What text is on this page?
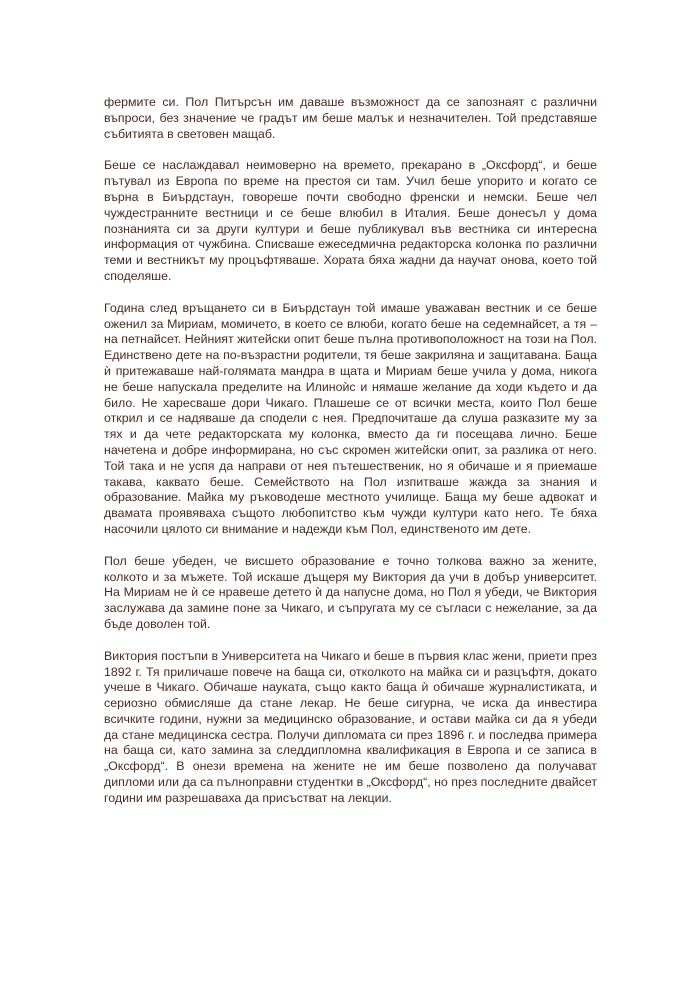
фермите си. Пол Питърсън им даваше възможност да се запознаят с различни въпроси, без значение че градът им беше малък и незначителен. Той представяше събитията в световен мащаб.

Беше се наслаждавал неимоверно на времето, прекарано в „Оксфорд“, и беше пътувал из Европа по време на престоя си там. Учил беше упорито и когато се върна в Биърдстаун, говореше почти свободно френски и немски. Беше чел чуждестранните вестници и се беше влюбил в Италия. Беше донесъл у дома познанията си за други култури и беше публикувал във вестника си интересна информация от чужбина. Списваше ежеседмична редакторска колонка по различни теми и вестникът му процъфтяваше. Хората бяха жадни да научат онова, което той споделяше.

Година след връщането си в Биърдстаун той имаше уважаван вестник и се беше оженил за Мириам, момичето, в което се влюби, когато беше на седемнайсет, а тя – на петнайсет. Нейният житейски опит беше пълна противоположност на този на Пол. Единствено дете на по-възрастни родители, тя беше закриляна и защитавана. Баща ѝ притежаваше най-голямата мандра в щата и Мириам беше учила у дома, никога не беше напускала пределите на Илиноѝс и нямаше желание да ходи където и да било. Не харесваше дори Чикаго. Плашеше се от всички места, които Пол беше открил и се надяваше да сподели с нея. Предпочиташе да слуша разказите му за тях и да чете редакторската му колонка, вместо да ги посещава лично. Беше начетена и добре информирана, но със скромен житейски опит, за разлика от него. Той така и не успя да направи от нея пътешественик, но я обичаше и я приемаше такава, каквато беше. Семейството на Пол изпитваше жажда за знания и образование. Майка му ръководеше местното училище. Баща му беше адвокат и двамата проявяваха същото любопитство към чужди култури като него. Те бяха насочили цялото си внимание и надежди към Пол, единственото им дете.

Пол беше убеден, че висшето образование е точно толкова важно за жените, колкото и за мъжете. Той искаше дъщеря му Виктория да учи в добър университет. На Мириам не ѝ се нравеше детето ѝ да напусне дома, но Пол я убеди, че Виктория заслужава да замине поне за Чикаго, и съпругата му се съгласи с нежелание, за да бъде доволен той.

Виктория постъпи в Университета на Чикаго и беше в първия клас жени, приети през 1892 г. Тя приличаше повече на баща си, отколкото на майка си и разцъфтя, докато учеше в Чикаго. Обичаше науката, също както баща ѝ обичаше журналистиката, и сериозно обмисляше да стане лекар. Не беше сигурна, че иска да инвестира всичките години, нужни за медицинско образование, и остави майка си да я убеди да стане медицинска сестра. Получи дипломата си през 1896 г. и последва примера на баща си, като замина за следдипломна квалификация в Европа и се записа в „Оксфорд“. В онези времена на жените не им беше позволено да получават дипломи или да са пълноправни студентки в „Оксфорд“, но през последните двайсет години им разрешаваха да присъстват на лекции.
